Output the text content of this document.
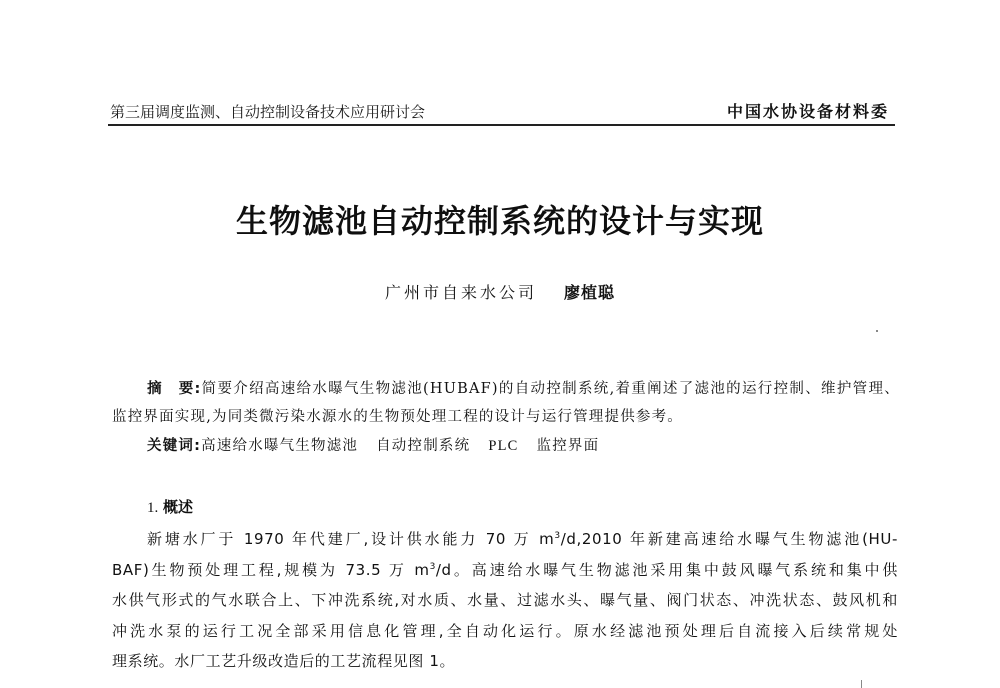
第三届调度监测、自动控制设备技术应用研讨会	中国水协设备材料委
生物滤池自动控制系统的设计与实现
广州市自来水公司 廖植聪
摘　要:简要介绍高速给水曝气生物滤池(HUBAF)的自动控制系统,着重阐述了滤池的运行控制、维护管理、监控界面实现,为同类微污染水源水的生物预处理工程的设计与运行管理提供参考。
关键词:高速给水曝气生物滤池 自动控制系统 PLC 监控界面
1. 概述
新塘水厂于 1970 年代建厂,设计供水能力 70 万 $m^3/d,2010$ 年新建高速给水曝气生物滤池(HU-
BAF)生物预处理工程,规模为 73.5 万 $m^3/d$。高速给水曝气生物滤池采用集中鼓风曝气系统和集中供
水供气形式的气水联合上、下冲洗系统,对水质、水量、过滤水头、曝气量、阀门状态、冲洗状态、鼓风机和
冲洗水泵的运行工况全部采用信息化管理,全自动化运行。原水经滤池预处理后自流接入后续常规处
理系统。水厂工艺升级改造后的工艺流程见图 1。
